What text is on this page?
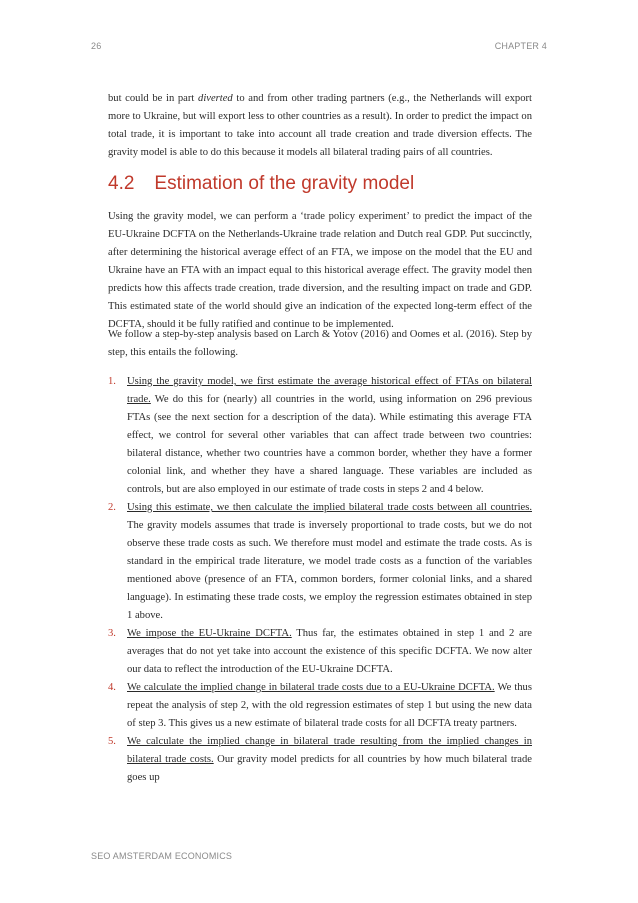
26	CHAPTER 4

but could be in part diverted to and from other trading partners (e.g., the Netherlands will export more to Ukraine, but will export less to other countries as a result). In order to predict the impact on total trade, it is important to take into account all trade creation and trade diversion effects. The gravity model is able to do this because it models all bilateral trading pairs of all countries.

4.2 Estimation of the gravity model

Using the gravity model, we can perform a ‘trade policy experiment’ to predict the impact of the EU-Ukraine DCFTA on the Netherlands-Ukraine trade relation and Dutch real GDP. Put succinctly, after determining the historical average effect of an FTA, we impose on the model that the EU and Ukraine have an FTA with an impact equal to this historical average effect. The gravity model then predicts how this affects trade creation, trade diversion, and the resulting impact on trade and GDP. This estimated state of the world should give an indication of the expected long-term effect of the DCFTA, should it be fully ratified and continue to be implemented.

We follow a step-by-step analysis based on Larch & Yotov (2016) and Oomes et al. (2016). Step by step, this entails the following.

1. Using the gravity model, we first estimate the average historical effect of FTAs on bilateral trade. We do this for (nearly) all countries in the world, using information on 296 previous FTAs (see the next section for a description of the data). While estimating this average FTA effect, we control for several other variables that can affect trade between two countries: bilateral distance, whether two countries have a common border, whether they have a former colonial link, and whether they have a shared language. These variables are included as controls, but are also employed in our estimate of trade costs in steps 2 and 4 below.
2. Using this estimate, we then calculate the implied bilateral trade costs between all countries. The gravity models assumes that trade is inversely proportional to trade costs, but we do not observe these trade costs as such. We therefore must model and estimate the trade costs. As is standard in the empirical trade literature, we model trade costs as a function of the variables mentioned above (presence of an FTA, common borders, former colonial links, and a shared language). In estimating these trade costs, we employ the regression estimates obtained in step 1 above.
3. We impose the EU-Ukraine DCFTA. Thus far, the estimates obtained in step 1 and 2 are averages that do not yet take into account the existence of this specific DCFTA. We now alter our data to reflect the introduction of the EU-Ukraine DCFTA.
4. We calculate the implied change in bilateral trade costs due to a EU-Ukraine DCFTA. We thus repeat the analysis of step 2, with the old regression estimates of step 1 but using the new data of step 3. This gives us a new estimate of bilateral trade costs for all DCFTA treaty partners.
5. We calculate the implied change in bilateral trade resulting from the implied changes in bilateral trade costs. Our gravity model predicts for all countries by how much bilateral trade goes up
SEO AMSTERDAM ECONOMICS
